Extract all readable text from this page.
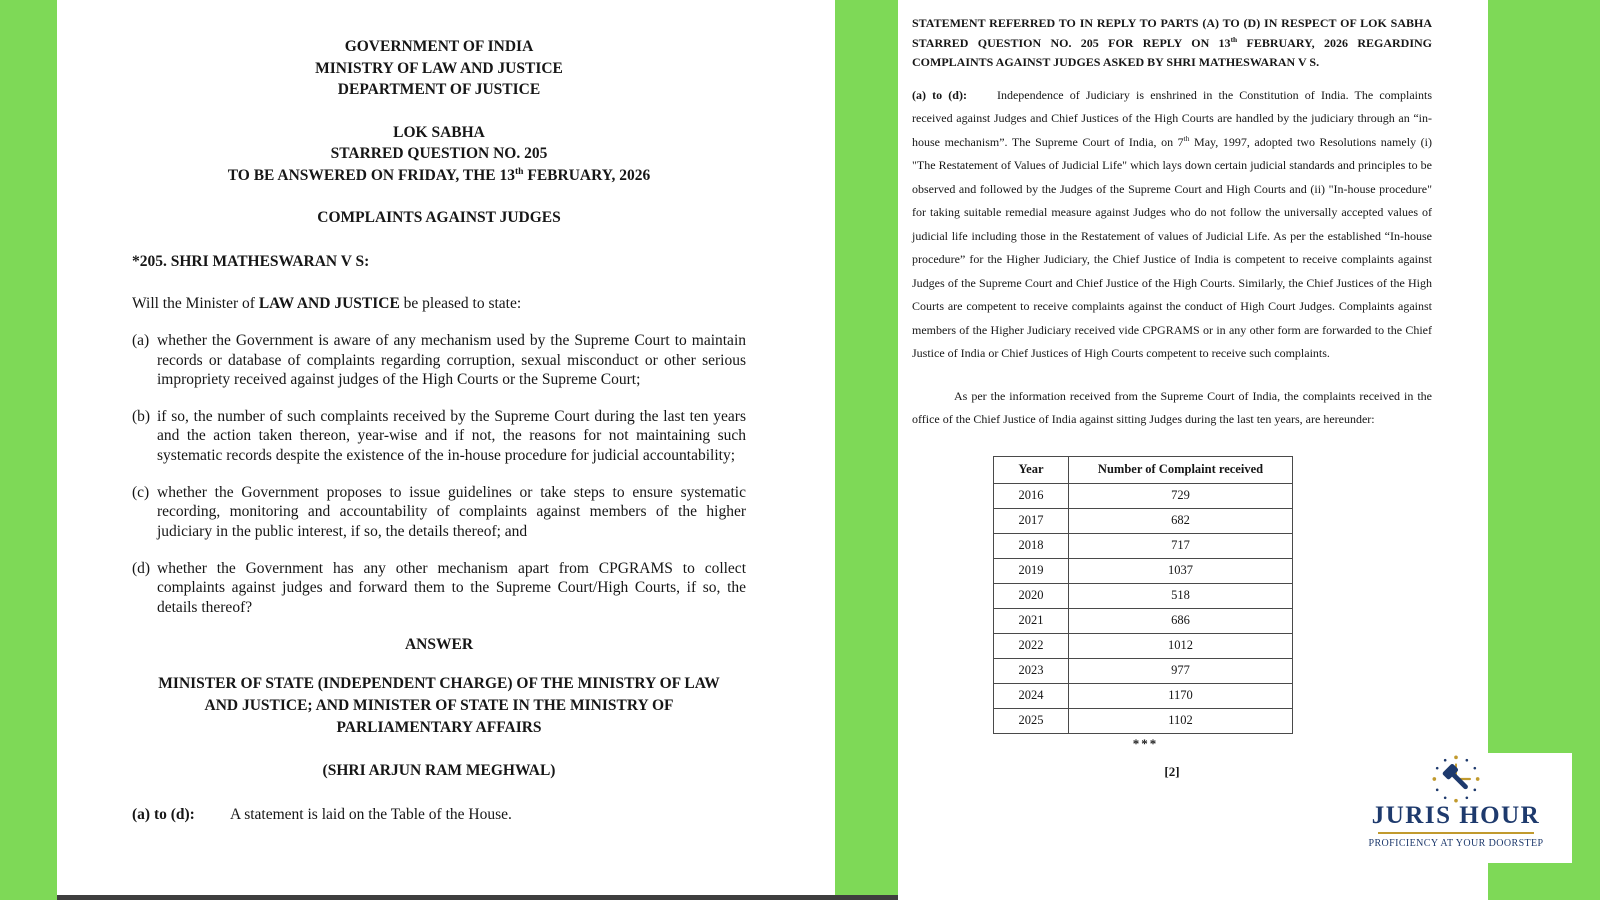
GOVERNMENT OF INDIA
MINISTRY OF LAW AND JUSTICE
DEPARTMENT OF JUSTICE
LOK SABHA
STARRED QUESTION NO. 205
TO BE ANSWERED ON FRIDAY, THE 13th FEBRUARY, 2026
COMPLAINTS AGAINST JUDGES
*205. SHRI MATHESWARAN V S:
Will the Minister of LAW AND JUSTICE be pleased to state:
(a) whether the Government is aware of any mechanism used by the Supreme Court to maintain records or database of complaints regarding corruption, sexual misconduct or other serious impropriety received against judges of the High Courts or the Supreme Court;
(b) if so, the number of such complaints received by the Supreme Court during the last ten years and the action taken thereon, year-wise and if not, the reasons for not maintaining such systematic records despite the existence of the in-house procedure for judicial accountability;
(c) whether the Government proposes to issue guidelines or take steps to ensure systematic recording, monitoring and accountability of complaints against members of the higher judiciary in the public interest, if so, the details thereof; and
(d) whether the Government has any other mechanism apart from CPGRAMS to collect complaints against judges and forward them to the Supreme Court/High Courts, if so, the details thereof?
ANSWER
MINISTER OF STATE (INDEPENDENT CHARGE) OF THE MINISTRY OF LAW
AND JUSTICE; AND MINISTER OF STATE IN THE MINISTRY OF
PARLIAMENTARY AFFAIRS
(SHRI ARJUN RAM MEGHWAL)
(a) to (d): A statement is laid on the Table of the House.
STATEMENT REFERRED TO IN REPLY TO PARTS (A) TO (D) IN RESPECT OF LOK SABHA STARRED QUESTION NO. 205 FOR REPLY ON 13th FEBRUARY, 2026 REGARDING COMPLAINTS AGAINST JUDGES ASKED BY SHRI MATHESWARAN V S.
(a) to (d):	Independence of Judiciary is enshrined in the Constitution of India. The complaints received against Judges and Chief Justices of the High Courts are handled by the judiciary through an “in-house mechanism”. The Supreme Court of India, on 7th May, 1997, adopted two Resolutions namely (i) "The Restatement of Values of Judicial Life" which lays down certain judicial standards and principles to be observed and followed by the Judges of the Supreme Court and High Courts and (ii) "In-house procedure" for taking suitable remedial measure against Judges who do not follow the universally accepted values of judicial life including those in the Restatement of values of Judicial Life. As per the established “In-house procedure” for the Higher Judiciary, the Chief Justice of India is competent to receive complaints against Judges of the Supreme Court and Chief Justice of the High Courts. Similarly, the Chief Justices of the High Courts are competent to receive complaints against the conduct of High Court Judges. Complaints against members of the Higher Judiciary received vide CPGRAMS or in any other form are forwarded to the Chief Justice of India or Chief Justices of High Courts competent to receive such complaints.
As per the information received from the Supreme Court of India, the complaints received in the office of the Chief Justice of India against sitting Judges during the last ten years, are hereunder:
Year	Number of Complaint received
2016	729
2017	682
2018	717
2019	1037
2020	518
2021	686
2022	1012
2023	977
2024	1170
2025	1102
***
[2]
JURIS HOUR
PROFICIENCY AT YOUR DOORSTEP
